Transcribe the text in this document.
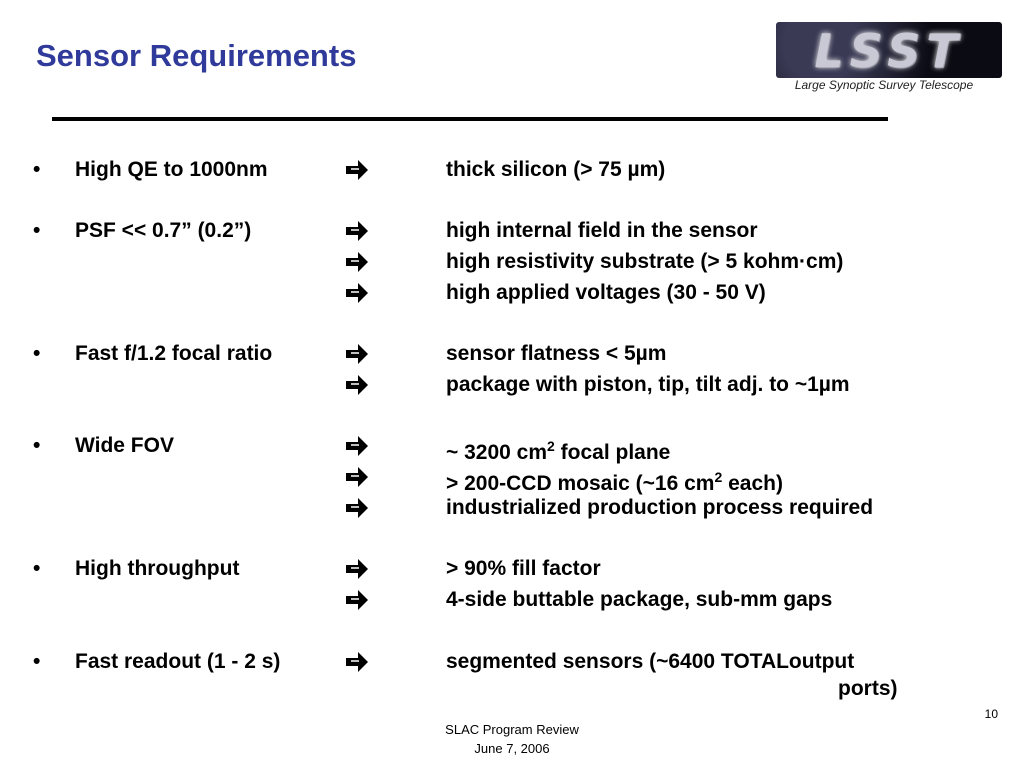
Sensor Requirements	LSST
Large Synoptic Survey Telescope
• High QE to 1000nm	thick silicon (> 75 µm)
• PSF << 0.7” (0.2”)	high internal field in the sensor
high resistivity substrate (> 5 kohm·cm)
high applied voltages (30 - 50 V)
• Fast f/1.2 focal ratio	sensor flatness < 5µm
package with piston, tip, tilt adj. to ~1µm
• Wide FOV	~ 3200 $cm^2$ focal plane
> 200-CCD mosaic (~16 $cm^2$ each)
industrialized production process required
• High throughput	> 90% fill factor
4-side buttable package, sub-mm gaps
• Fast readout (1 - 2 s)	segmented sensors (~6400 TOTALoutput
ports)
10
SLAC Program Review
June 7, 2006
